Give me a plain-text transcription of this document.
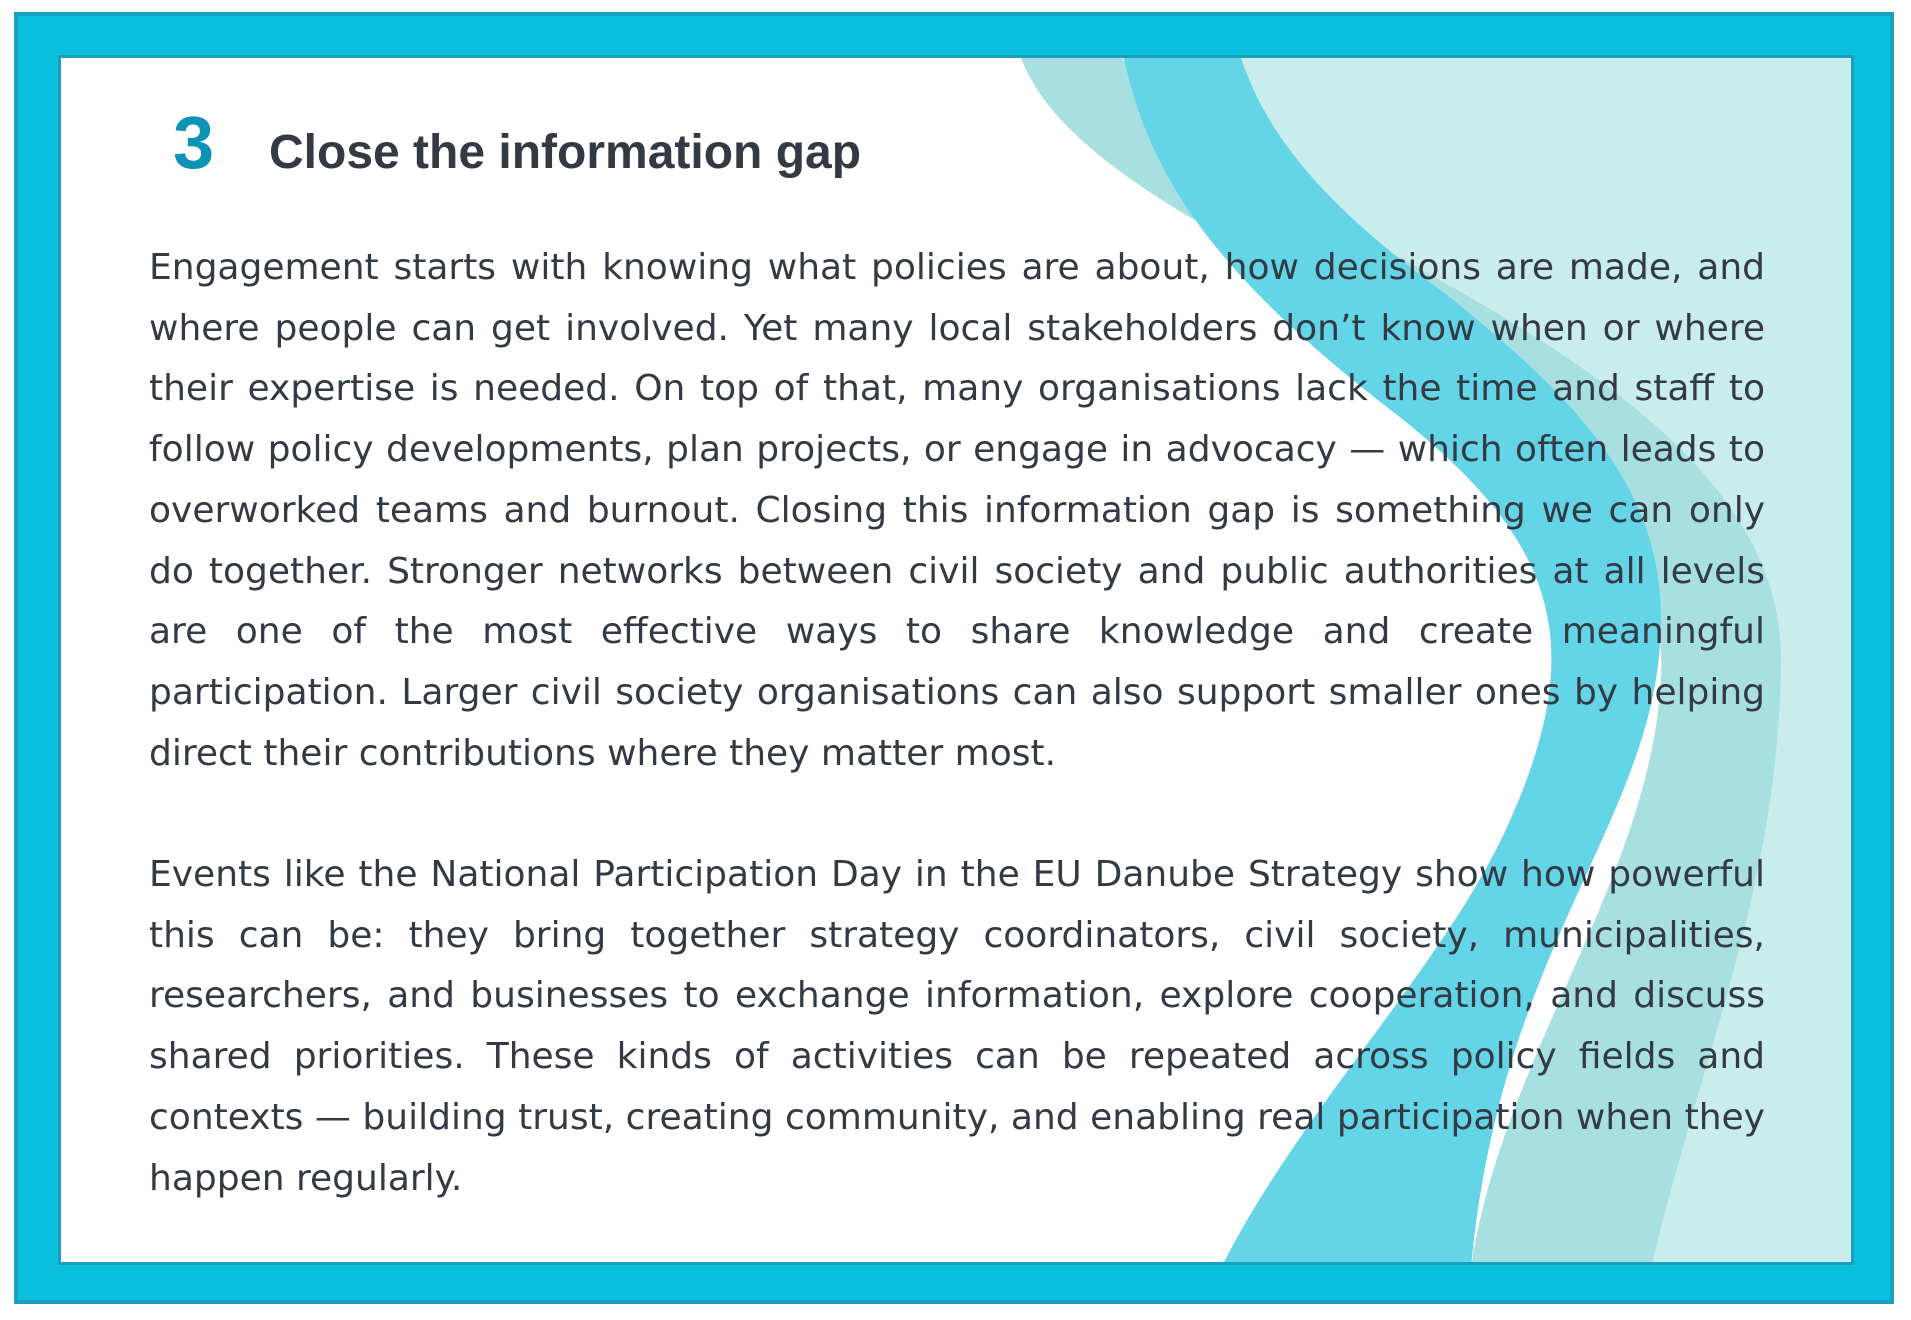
3	Close the information gap

Engagement starts with knowing what policies are about, how decisions are made, and where people can get involved. Yet many local stakeholders don’t know when or where their expertise is needed. On top of that, many organisations lack the time and staff to follow policy developments, plan projects, or engage in advocacy — which often leads to overworked teams and burnout. Closing this information gap is something we can only do together. Stronger networks between civil society and public authorities at all levels are one of the most effective ways to share knowledge and create meaningful participation. Larger civil society organisations can also support smaller ones by helping direct their contributions where they matter most.

Events like the National Participation Day in the EU Danube Strategy show how powerful this can be: they bring together strategy coordinators, civil society, municipalities, researchers, and businesses to exchange information, explore cooperation, and discuss shared priorities. These kinds of activities can be repeated across policy fields and contexts — building trust, creating community, and enabling real participation when they happen regularly.
